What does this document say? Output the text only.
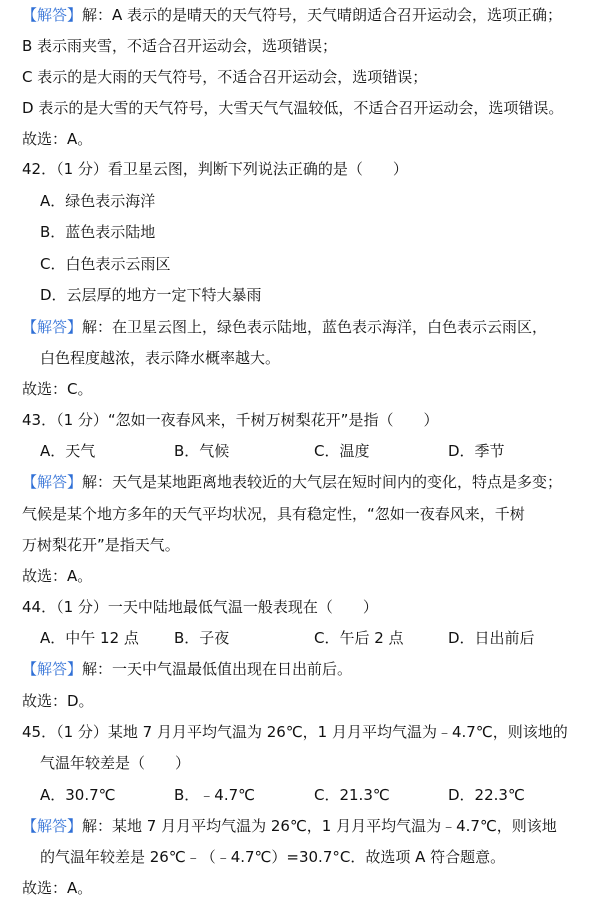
【解答】解：A 表示的是晴天的天气符号，天气晴朗适合召开运动会，选项正确；
B 表示雨夹雪，不适合召开运动会，选项错误；
C 表示的是大雨的天气符号，不适合召开运动会，选项错误；
D 表示的是大雪的天气符号，大雪天气气温较低，不适合召开运动会，选项错误。
故选：A。
42．（1 分）看卫星云图，判断下列说法正确的是（　　）
A．绿色表示海洋
B．蓝色表示陆地
C．白色表示云雨区
D．云层厚的地方一定下特大暴雨
【解答】解：在卫星云图上，绿色表示陆地，蓝色表示海洋，白色表示云雨区，
白色程度越浓，表示降水概率越大。
故选：C。
43．（1 分）“忽如一夜春风来，千树万树梨花开”是指（　　）
A．天气	B．气候	C．温度	D．季节
【解答】解：天气是某地距离地表较近的大气层在短时间内的变化，特点是多变；
气候是某个地方多年的天气平均状况，具有稳定性，“忽如一夜春风来，千树
万树梨花开”是指天气。
故选：A。
44．（1 分）一天中陆地最低气温一般表现在（　　）
A．中午 12 点 B．子夜	C．午后 2 点	D．日出前后
【解答】解：一天中气温最低值出现在日出前后。
故选：D。
45．（1 分）某地 7 月月平均气温为 26℃，1 月月平均气温为﹣4.7℃，则该地的
气温年较差是（　　）
A．30.7℃	B．﹣4.7℃	C．21.3℃	D．22.3℃
【解答】解：某地 7 月月平均气温为 26℃，1 月月平均气温为﹣4.7℃，则该地
的气温年较差是 26℃﹣（﹣4.7℃）=30.7°C．故选项 A 符合题意。
故选：A。
